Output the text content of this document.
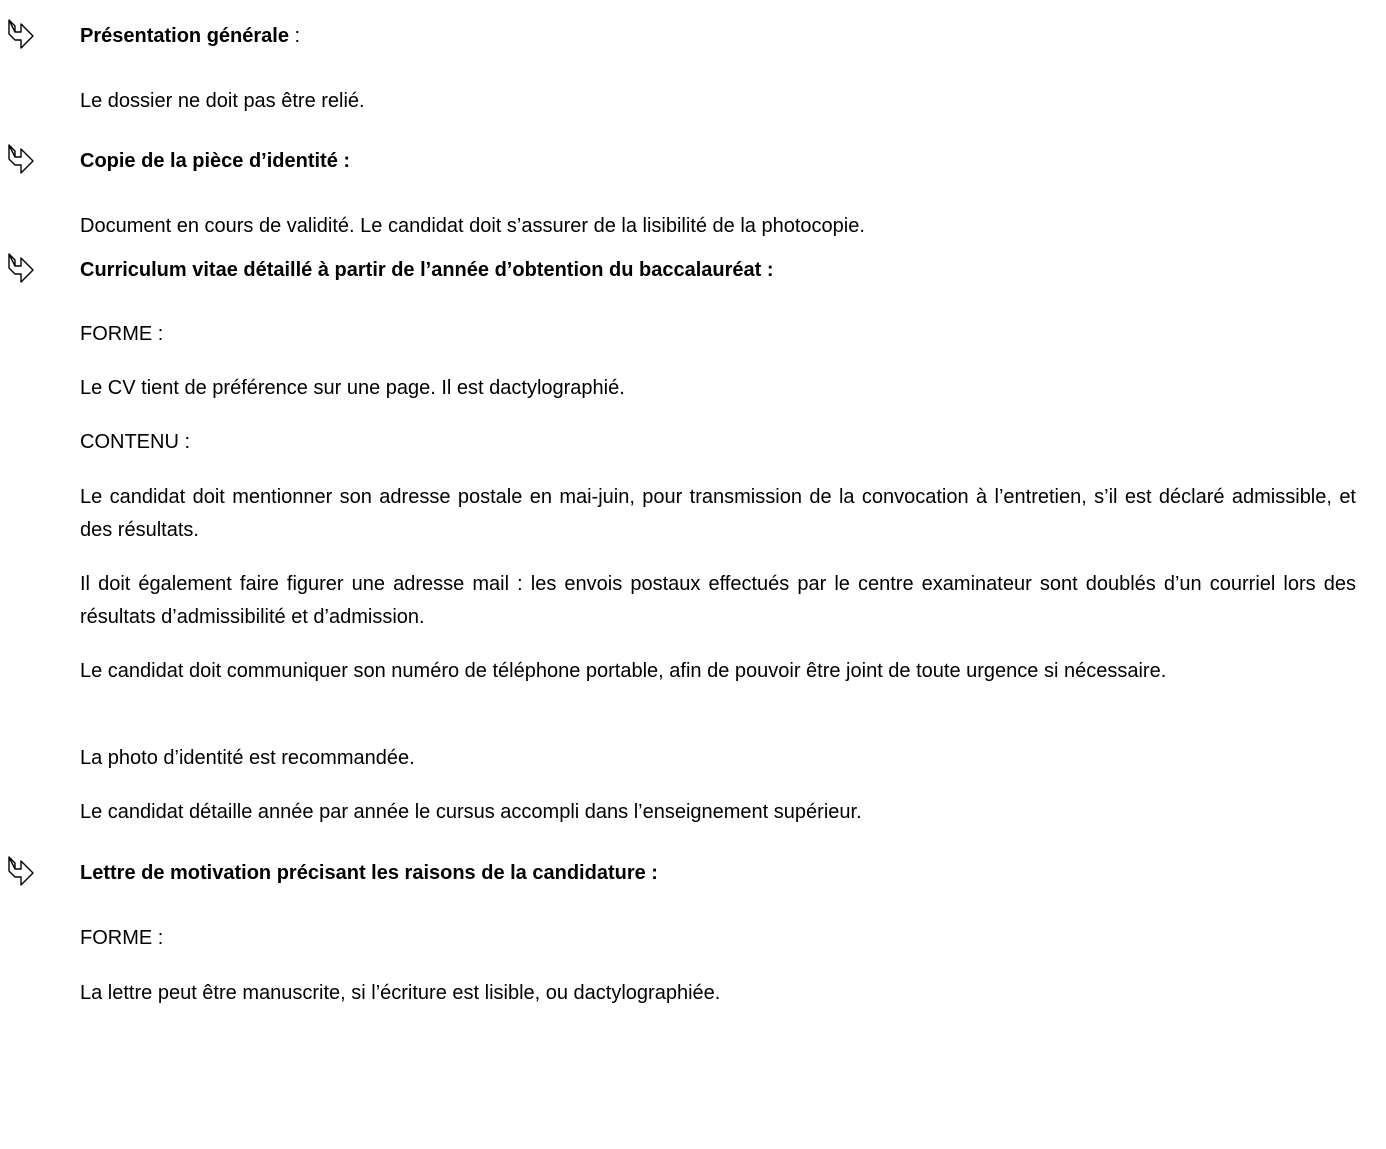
Présentation générale :

Le dossier ne doit pas être relié.

Copie de la pièce d’identité :

Document en cours de validité. Le candidat doit s’assurer de la lisibilité de la photocopie.

Curriculum vitae détaillé à partir de l’année d’obtention du baccalauréat :

FORME :

Le CV tient de préférence sur une page. Il est dactylographié.

CONTENU :

Le candidat doit mentionner son adresse postale en mai-juin, pour transmission de la convocation à l’entretien, s’il est déclaré admissible, et des résultats.

Il doit également faire figurer une adresse mail : les envois postaux effectués par le centre examinateur sont doublés d’un courriel lors des résultats d’admissibilité et d’admission.

Le candidat doit communiquer son numéro de téléphone portable, afin de pouvoir être joint de toute urgence si nécessaire.

La photo d’identité est recommandée.

Le candidat détaille année par année le cursus accompli dans l’enseignement supérieur.

Lettre de motivation précisant les raisons de la candidature :

FORME :

La lettre peut être manuscrite, si l’écriture est lisible, ou dactylographiée.
